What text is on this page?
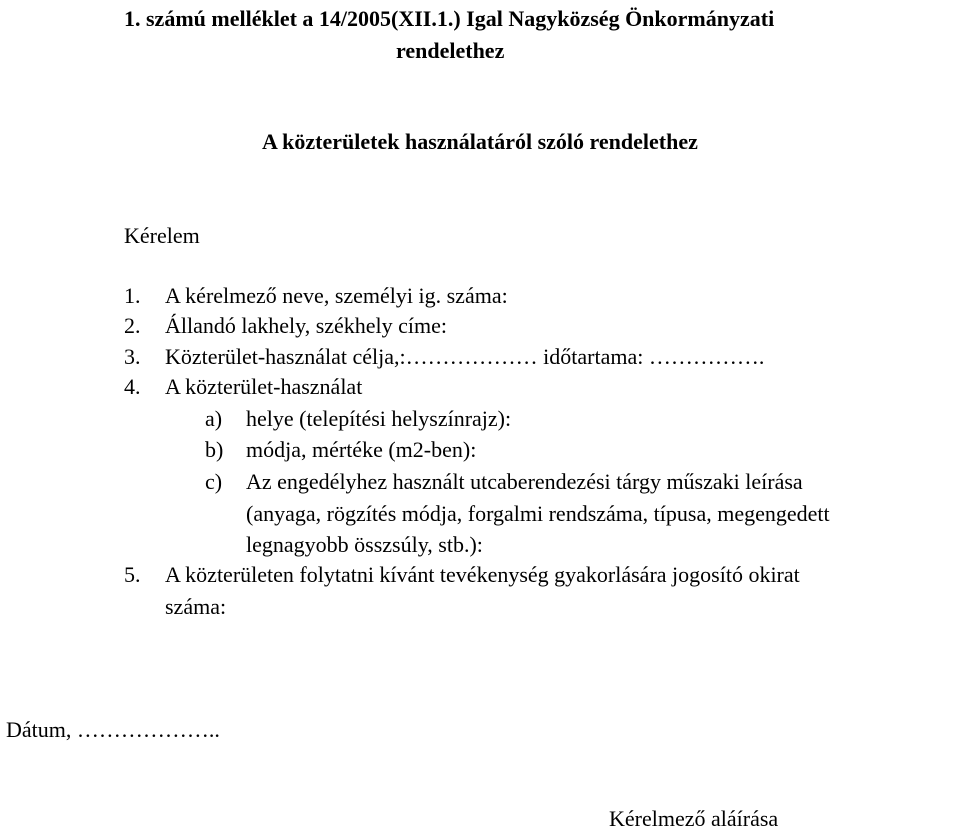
1. számú melléklet a 14/2005(XII.1.) Igal Nagyközség Önkormányzati

rendelethez

A közterületek használatáról szóló rendelethez

Kérelem

1. A kérelmező neve, személyi ig. száma:

2. Állandó lakhely, székhely címe:

3. Közterület-használat célja,:……………… időtartama: …………….

4. A közterület-használat

a) helye (telepítési helyszínrajz):

b) módja, mértéke (m2-ben):

c) Az engedélyhez használt utcaberendezési tárgy műszaki leírása

(anyaga, rögzítés módja, forgalmi rendszáma, típusa, megengedett

legnagyobb összsúly, stb.):

5. A közterületen folytatni kívánt tevékenység gyakorlására jogosító okirat

száma:

Dátum, ………………..

Kérelmező aláírása
